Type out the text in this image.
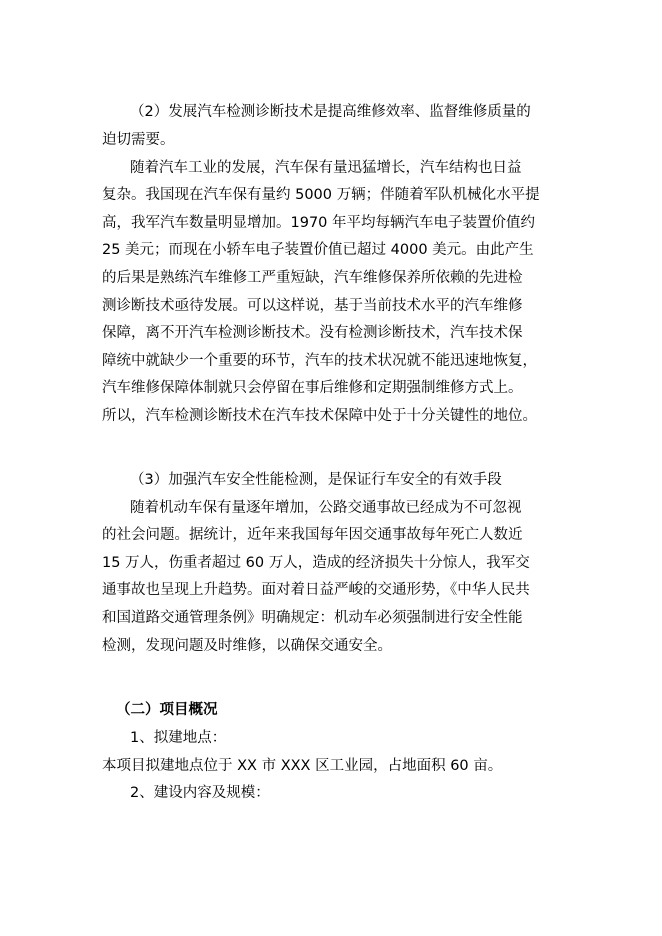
（2）发展汽车检测诊断技术是提高维修效率、监督维修质量的
迫切需要。
随着汽车工业的发展，汽车保有量迅猛增长，汽车结构也日益
复杂。我国现在汽车保有量约 5000 万辆；伴随着军队机械化水平提
高，我军汽车数量明显增加。1970 年平均每辆汽车电子装置价值约
25 美元；而现在小轿车电子装置价值已超过 4000 美元。由此产生
的后果是熟练汽车维修工严重短缺，汽车维修保养所依赖的先进检
测诊断技术亟待发展。可以这样说，基于当前技术水平的汽车维修
保障，离不开汽车检测诊断技术。没有检测诊断技术，汽车技术保
障统中就缺少一个重要的环节，汽车的技术状况就不能迅速地恢复，
汽车维修保障体制就只会停留在事后维修和定期强制维修方式上。
所以，汽车检测诊断技术在汽车技术保障中处于十分关键性的地位。
（3）加强汽车安全性能检测，是保证行车安全的有效手段
随着机动车保有量逐年增加，公路交通事故已经成为不可忽视
的社会问题。据统计，近年来我国每年因交通事故每年死亡人数近
15 万人，伤重者超过 60 万人，造成的经济损失十分惊人，我军交
通事故也呈现上升趋势。面对着日益严峻的交通形势，《中华人民共
和国道路交通管理条例》明确规定：机动车必须强制进行安全性能
检测，发现问题及时维修，以确保交通安全。
（二）项目概况
1、拟建地点：
本项目拟建地点位于 XX 市 XXX 区工业园，占地面积 60 亩。
2、建设内容及规模：
